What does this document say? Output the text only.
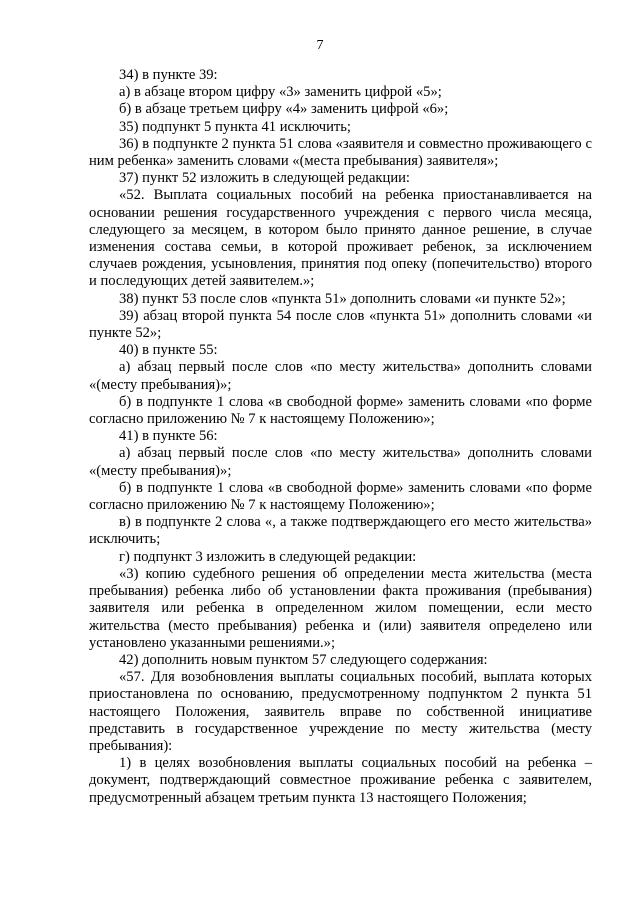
7

34) в пункте 39:

а) в абзаце втором цифру «3» заменить цифрой «5»;

б) в абзаце третьем цифру «4» заменить цифрой «6»;

35) подпункт 5 пункта 41 исключить;

36) в подпункте 2 пункта 51 слова «заявителя и совместно проживающего с ним ребенка» заменить словами «(места пребывания) заявителя»;

37) пункт 52 изложить в следующей редакции:

«52. Выплата социальных пособий на ребенка приостанавливается на основании решения государственного учреждения с первого числа месяца, следующего за месяцем, в котором было принято данное решение, в случае изменения состава семьи, в которой проживает ребенок, за исключением случаев рождения, усыновления, принятия под опеку (попечительство) второго и последующих детей заявителем.»;

38) пункт 53 после слов «пункта 51» дополнить словами «и пункте 52»;

39) абзац второй пункта 54 после слов «пункта 51» дополнить словами «и пункте 52»;

40) в пункте 55:

а) абзац первый после слов «по месту жительства» дополнить словами «(месту пребывания)»;

б) в подпункте 1 слова «в свободной форме» заменить словами «по форме согласно приложению № 7 к настоящему Положению»;

41) в пункте 56:

а) абзац первый после слов «по месту жительства» дополнить словами «(месту пребывания)»;

б) в подпункте 1 слова «в свободной форме» заменить словами «по форме согласно приложению № 7 к настоящему Положению»;

в) в подпункте 2 слова «, а также подтверждающего его место жительства» исключить;

г) подпункт 3 изложить в следующей редакции:

«3) копию судебного решения об определении места жительства (места пребывания) ребенка либо об установлении факта проживания (пребывания) заявителя или ребенка в определенном жилом помещении, если место жительства (место пребывания) ребенка и (или) заявителя определено или установлено указанными решениями.»;

42) дополнить новым пунктом 57 следующего содержания:

«57. Для возобновления выплаты социальных пособий, выплата которых приостановлена по основанию, предусмотренному подпунктом 2 пункта 51 настоящего Положения, заявитель вправе по собственной инициативе представить в государственное учреждение по месту жительства (месту пребывания):

1) в целях возобновления выплаты социальных пособий на ребенка – документ, подтверждающий совместное проживание ребенка с заявителем, предусмотренный абзацем третьим пункта 13 настоящего Положения;
